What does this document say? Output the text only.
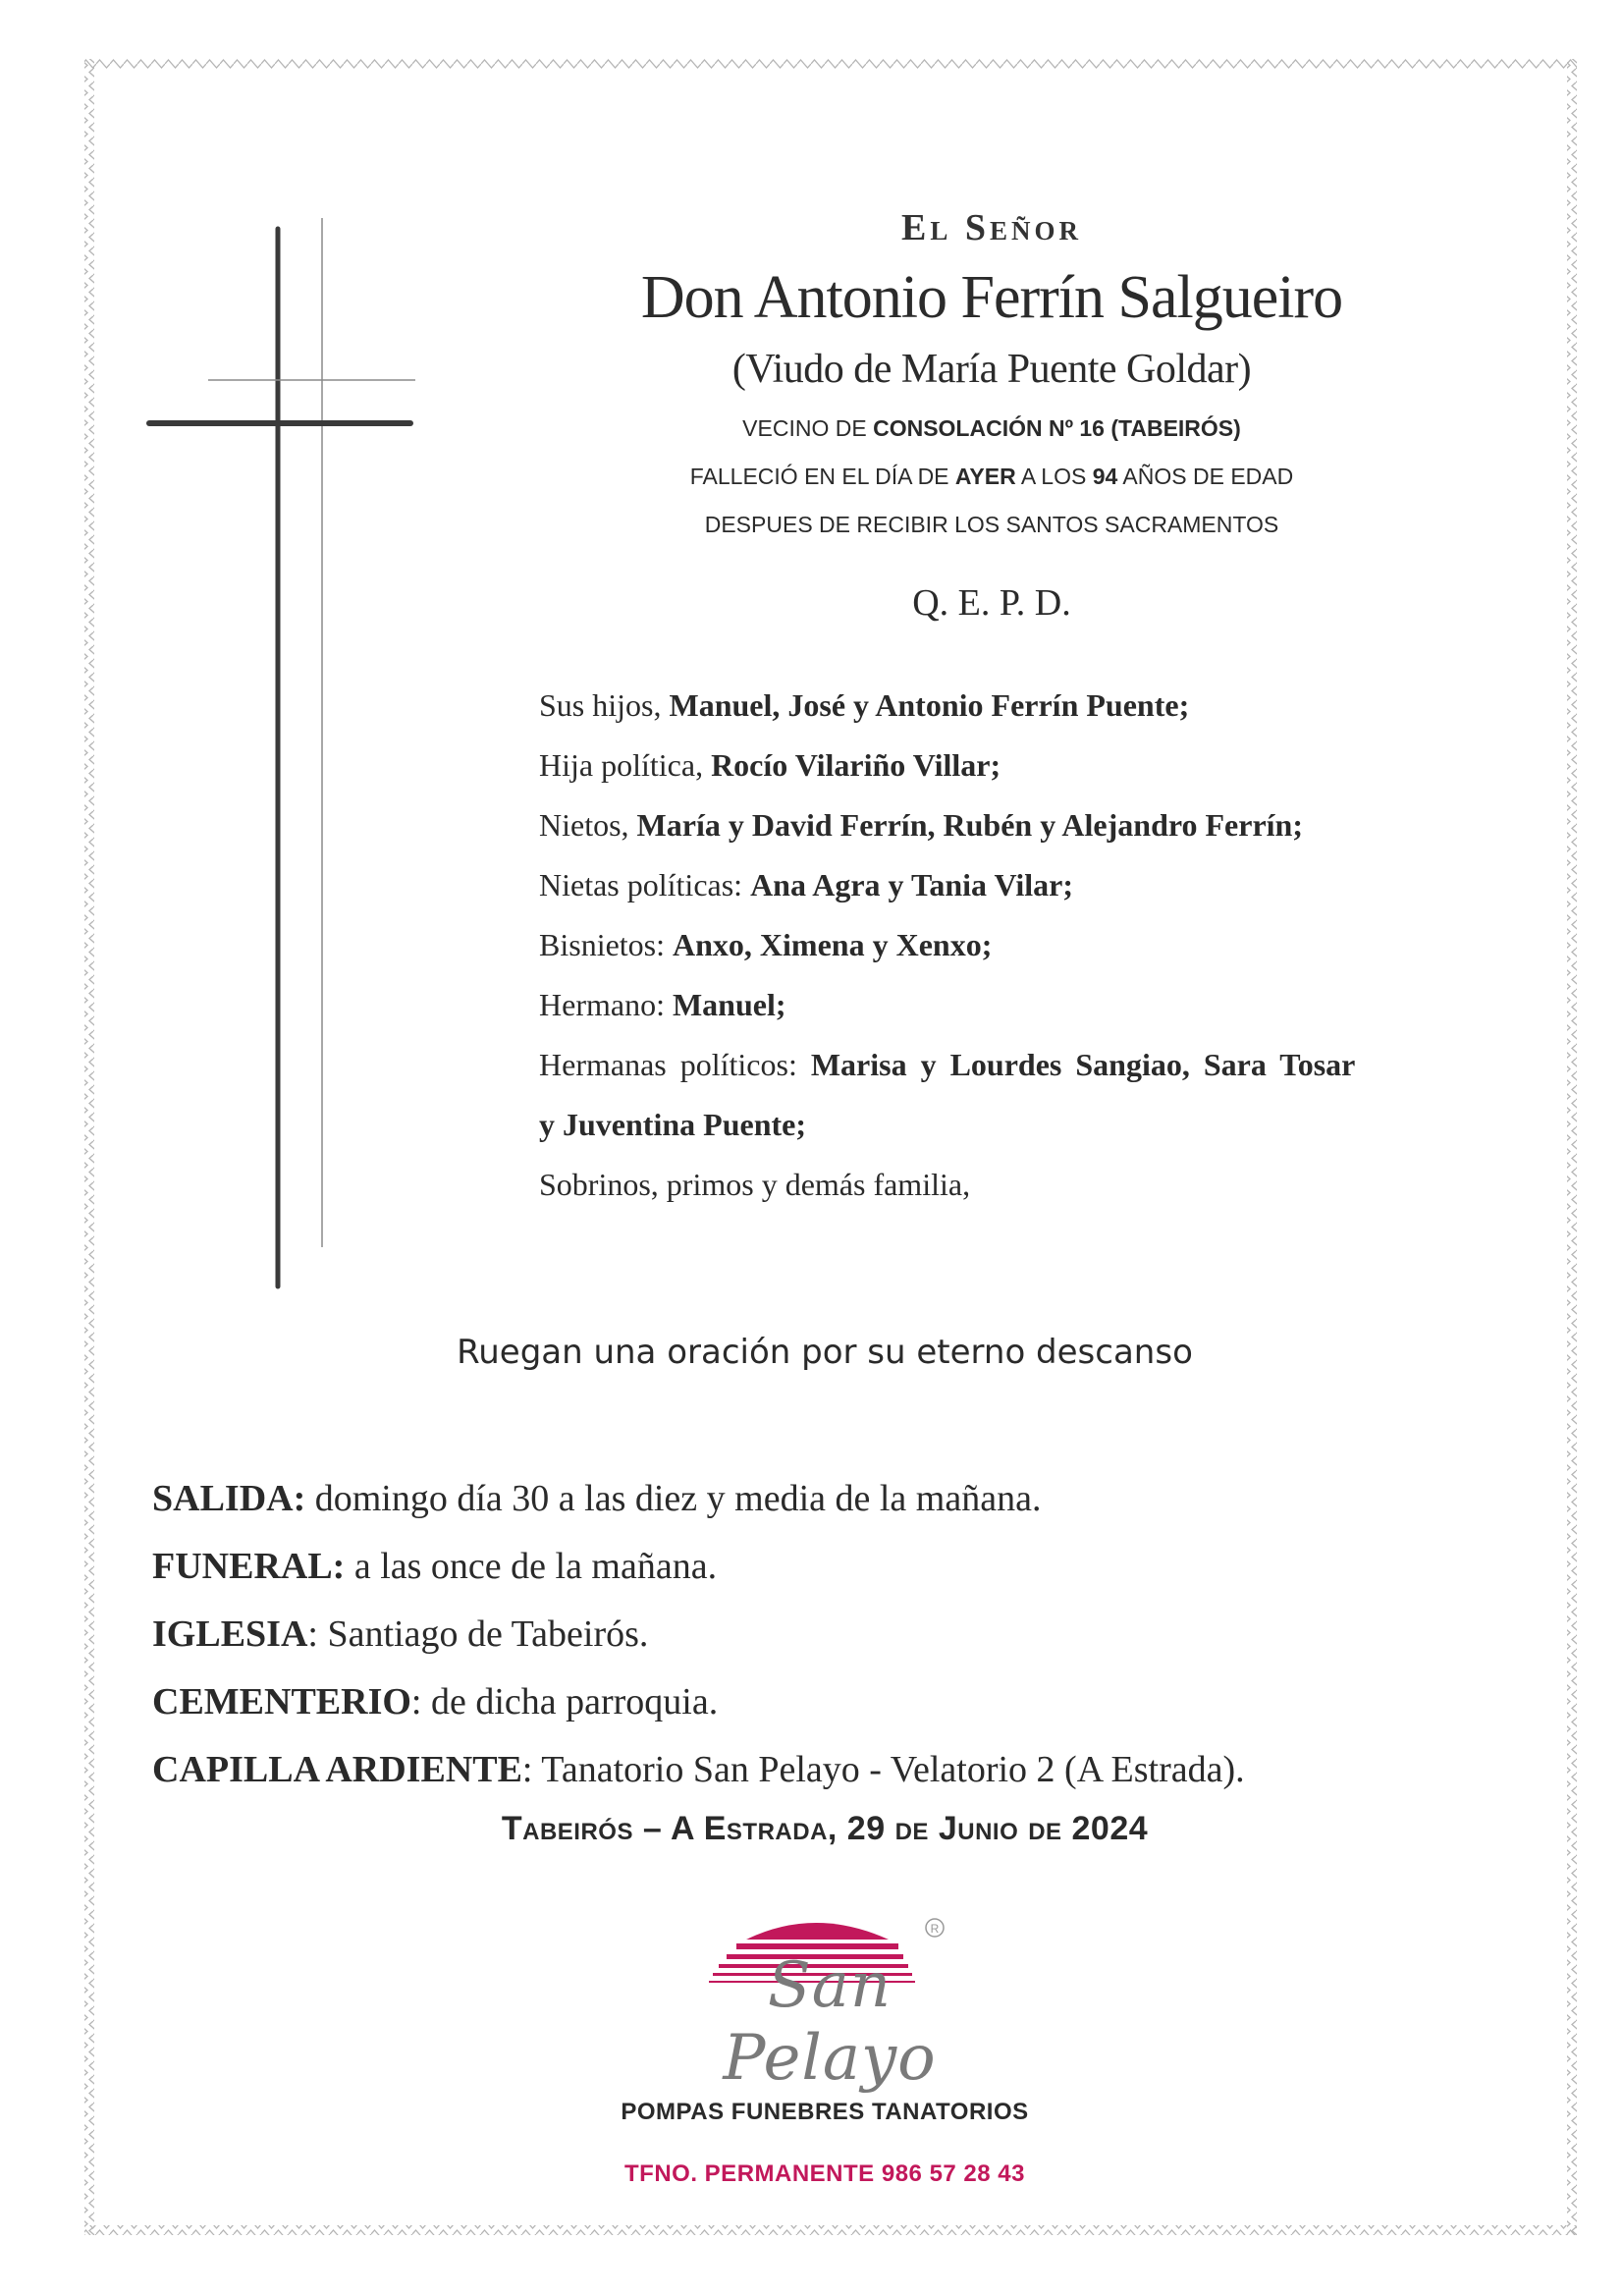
El Señor
Don Antonio Ferrín Salgueiro
(Viudo de María Puente Goldar)
VECINO DE CONSOLACIÓN Nº 16 (TABEIRÓS)
FALLECIÓ EN EL DÍA DE AYER A LOS 94 AÑOS DE EDAD
DESPUES DE RECIBIR LOS SANTOS SACRAMENTOS
Q. E. P. D.
Sus hijos, Manuel, José y Antonio Ferrín Puente;
Hija política, Rocío Vilariño Villar;
Nietos, María y David Ferrín, Rubén y Alejandro Ferrín;
Nietas políticas: Ana Agra y Tania Vilar;
Bisnietos: Anxo, Ximena y Xenxo;
Hermano: Manuel;
Hermanas políticos: Marisa y Lourdes Sangiao, Sara Tosar
y Juventina Puente;
Sobrinos, primos y demás familia,
Ruegan una oración por su eterno descanso
SALIDA: domingo día 30 a las diez y media de la mañana.
FUNERAL: a las once de la mañana.
IGLESIA: Santiago de Tabeirós.
CEMENTERIO: de dicha parroquia.
CAPILLA ARDIENTE: Tanatorio San Pelayo - Velatorio 2 (A Estrada).
Tabeirós – A Estrada, 29 de Junio de 2024
R
San Pelayo
POMPAS FUNEBRES TANATORIOS
TFNO. PERMANENTE 986 57 28 43
